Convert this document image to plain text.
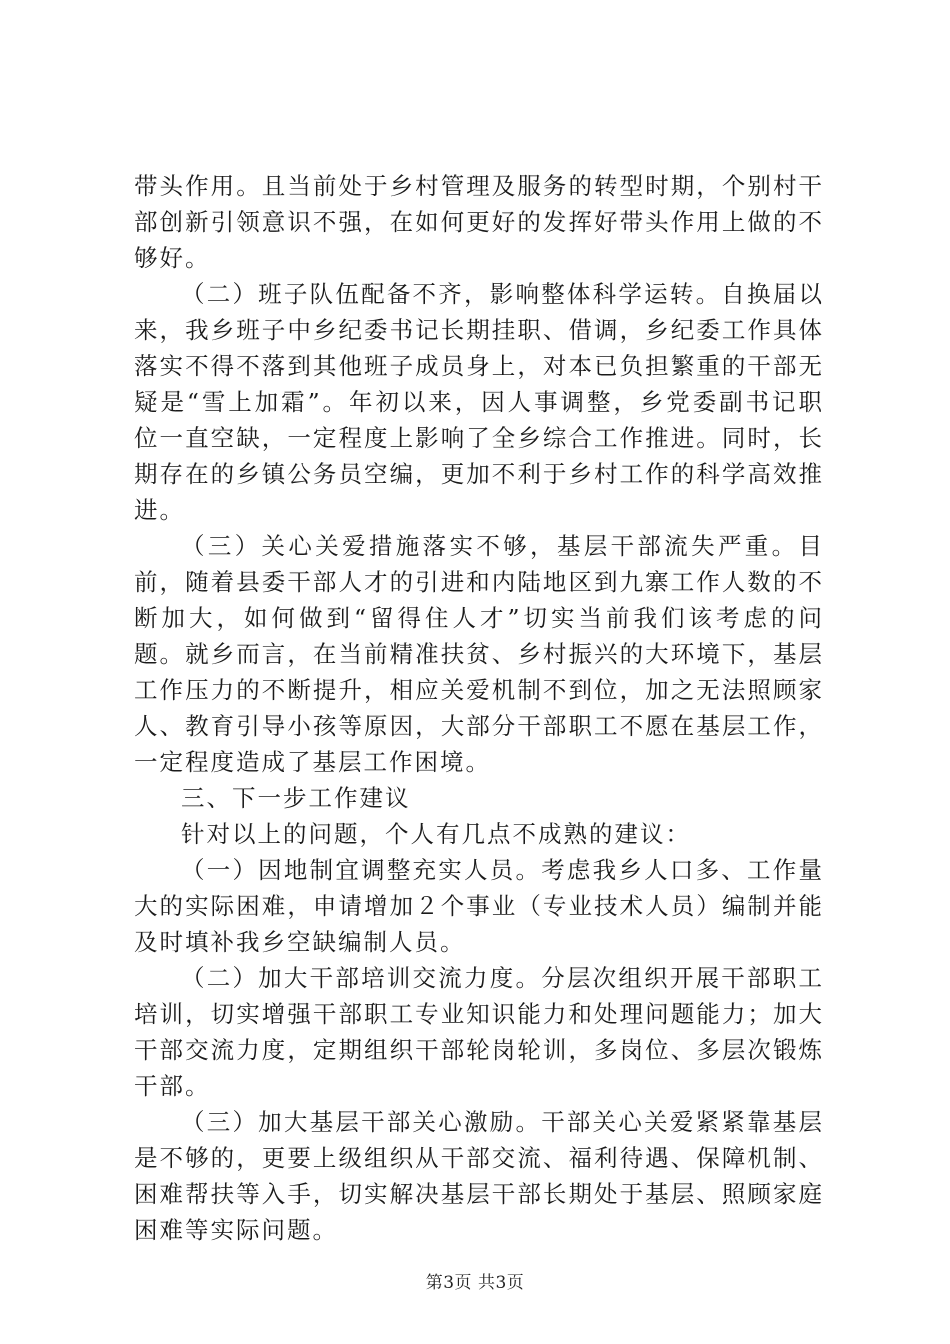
带头作用。且当前处于乡村管理及服务的转型时期，个别村干部创新引领意识不强，在如何更好的发挥好带头作用上做的不够好。

（二）班子队伍配备不齐，影响整体科学运转。自换届以来，我乡班子中乡纪委书记长期挂职、借调，乡纪委工作具体落实不得不落到其他班子成员身上，对本已负担繁重的干部无疑是“雪上加霜”。年初以来，因人事调整，乡党委副书记职位一直空缺，一定程度上影响了全乡综合工作推进。同时，长期存在的乡镇公务员空编，更加不利于乡村工作的科学高效推进。

（三）关心关爱措施落实不够，基层干部流失严重。目前，随着县委干部人才的引进和内陆地区到九寨工作人数的不断加大，如何做到“留得住人才”切实当前我们该考虑的问题。就乡而言，在当前精准扶贫、乡村振兴的大环境下，基层工作压力的不断提升，相应关爱机制不到位，加之无法照顾家人、教育引导小孩等原因，大部分干部职工不愿在基层工作，一定程度造成了基层工作困境。

三、下一步工作建议

针对以上的问题，个人有几点不成熟的建议：

（一）因地制宜调整充实人员。考虑我乡人口多、工作量大的实际困难，申请增加２个事业（专业技术人员）编制并能及时填补我乡空缺编制人员。

（二）加大干部培训交流力度。分层次组织开展干部职工培训，切实增强干部职工专业知识能力和处理问题能力；加大干部交流力度，定期组织干部轮岗轮训，多岗位、多层次锻炼干部。

（三）加大基层干部关心激励。干部关心关爱紧紧靠基层是不够的，更要上级组织从干部交流、福利待遇、保障机制、困难帮扶等入手，切实解决基层干部长期处于基层、照顾家庭困难等实际问题。

第3页 共3页
